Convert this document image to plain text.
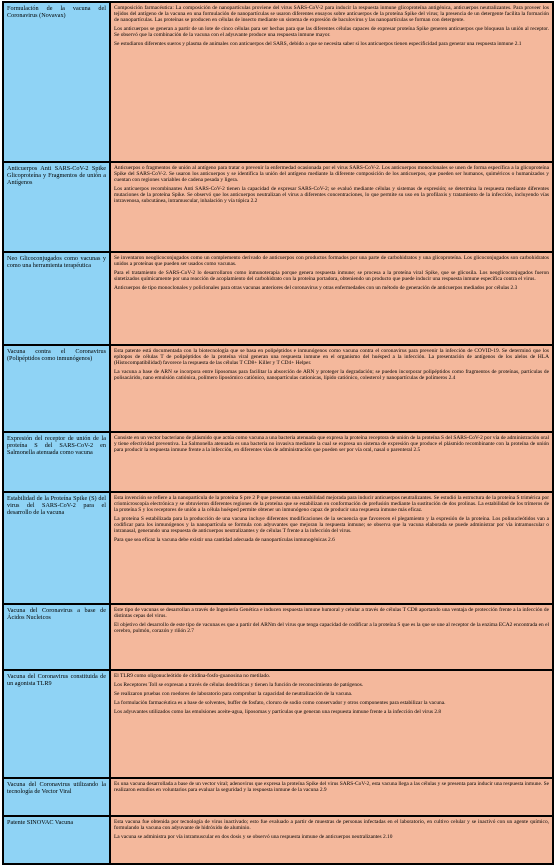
Formulación de la vacuna del Coronavirus (Novavax)

Composición farmacéutica: La composición de nanopartículas proviene del virus SARS-CoV-2 para inducir la respuesta inmune glicoproteína antigénica, anticuerpos neutralizantes. Para proveer los tejidos del antígeno de la vacuna en una formulación de nanopartículas se usaron diferentes ensayos sobre anticuerpos de la proteína Spike del virus; la presencia de un detergente facilita la formación de nanopartículas. Las proteínas se producen en células de insecto mediante un sistema de expresión de baculovirus y las nanopartículas se forman con detergente.

Los anticuerpos se generan a partir de un lote de cinco células para ser hechas para que las diferentes células capaces de expresar proteína Spike generen anticuerpos que bloquean la unión al receptor. Se observó que la combinación de la vacuna con el adyuvante produce una respuesta inmune mayor.

Se estudiaron diferentes sueros y plasma de animales con anticuerpos del SARS, debido a que se necesita saber si los anticuerpos tienen especificidad para generar una respuesta inmune 2.1

Anticuerpos Anti SARS-CoV-2 Spike Glicoproteína y Fragmentos de unión a Antígenos

Anticuerpos o fragmentos de unión al antígeno para tratar o prevenir la enfermedad ocasionada por el virus SARS-CoV-2. Los anticuerpos monoclonales se unen de forma específica a la glicoproteína Spike del SARS-CoV-2. Se usaron los anticuerpos y se identifica la unión del antígeno mediante la diferente composición de los anticuerpos, que pueden ser humanos, quiméricos o humanizados y cuentan con regiones variables de cadena pesada y ligera.

Los anticuerpos recombinantes Anti SARS-CoV-2 tienen la capacidad de expresar SARS-CoV-2; se evaluó mediante células y sistemas de expresión; se determina la respuesta mediante diferentes mutaciones de la proteína Spike. Se observó que los anticuerpos neutralizan el virus a diferentes concentraciones, lo que permite su uso en la profilaxis y tratamiento de la infección, incluyendo vías intravenosa, subcutánea, intramuscular, inhalación y vía tópica 2.2

Neo Glicoconjugados como vacunas y como una herramienta terapéutica

Se inventaron neoglicoconjugados como un complemento derivado de anticuerpos con productos formados por una parte de carbohidratos y una glicoproteína. Los glicoconjugados son carbohidratos unidos a proteínas que pueden ser usados como vacunas.

Para el tratamiento de SARS-CoV-2 lo desarrollaron como inmunoterapia porque genera respuesta inmune; se procesa a la proteína viral Spike, que se glicosila. Los neoglicoconjugados fueron sintetizados químicamente por una reacción de acoplamiento del carbohidrato con la proteína portadora, obteniendo un producto que puede inducir una respuesta inmune específica contra el virus.

Anticuerpos de tipo monoclonales y policlonales para otras vacunas anteriores del coronavirus y otras enfermedades con un método de generación de anticuerpos mediados por células 2.3

Vacuna contra el Coronavirus (Polipéptidos como inmunógenos)

Esta patente está documentada con la biotecnología que se basa en polipéptidos e inmunógenos como vacuna contra el coronavirus para prevenir la infección de COVID-19. Se determinó que los epítopos de células T de polipéptidos de la proteína viral generan una respuesta inmune en el organismo del huésped a la infección. La presentación de antígenos de los alelos de HLA (Histocompatibilidad) favorece la respuesta de las células T CD8+ Killer y T CD4+ Helper.

La vacuna a base de ARN se incorpora entre liposomas para facilitar la absorción de ARN y proteger la degradación; se pueden incorporar polipéptidos como fragmentos de proteínas, partículas de polisacárido, nano emulsión catiónica, polímero liposómico catiónico, nanopartículas cationicas, lípido catiónico, colesterol y nanopartículas de polímeros 2.4

Expresión del receptor de unión de la proteína S del SARS-CoV-2 en Salmonella atenuada como vacuna

Consiste en un vector bacteriano de plásmido que actúa como vacuna a una bacteria atenuada que expresa la proteína receptora de unión de la proteína S del SARS-CoV-2 por vía de administración oral y tiene efectividad preventiva. La Salmonella atenuada es una bacteria no invasiva mediante la cual se expresa un sistema de expresión que produce el plásmido recombinante con la proteína de unión para producir la respuesta inmune frente a la infección, en diferentes vías de administración que pueden ser por vía oral, nasal o parenteral 2.5

Estabilidad de la Proteína Spike (S) del virus del SARS-CoV-2 para el desarrollo de la vacuna

Esta invención se refiere a la nanopartícula de la proteína S pre 2 P que presentan una estabilidad mejorada para inducir anticuerpos neutralizantes. Se estudió la estructura de la proteína S trimérica por criomicroscopía electrónica y se obtuvieron diferentes regiones de la proteína que se estabilizan en conformación de prefusión mediante la sustitución de dos prolinas. La estabilidad de los trímeros de la proteína S y los receptores de unión a la célula huésped permite obtener un inmunógeno capaz de producir una respuesta inmune más eficaz.

La proteína S estabilizada para la producción de una vacuna incluye diferentes modificaciones de la secuencia que favorecen el plegamiento y la expresión de la proteína. Los polinucleótidos van a codificar para los inmunógenos y la nanopartícula se formula con adyuvantes que mejoran la respuesta inmune; se observa que la vacuna elaborada se puede administrar por vía intramuscular o intranasal, generando una respuesta de anticuerpos neutralizantes y de células T frente a la infección del virus.

Para que sea eficaz la vacuna debe existir una cantidad adecuada de nanopartículas inmunogénicas 2.6

Vacuna del Coronavirus a base de Ácidos Nucleicos

Este tipo de vacunas se desarrollan a través de Ingeniería Genética e inducen respuesta inmune humoral y celular a través de células T CD8 aportando una ventaja de protección frente a la infección de distintas cepas del virus.

El objetivo del desarrollo de este tipo de vacunas es que a partir del ARNm del virus que tenga capacidad de codificar a la proteína S que es la que se une al receptor de la enzima ECA2 encontrada en el cerebro, pulmón, corazón y riñón 2.7

Vacuna del Coronavirus constituida de un agonista TLR9

El TLR9 como oligonucleótido de citidina-fosfo-guanosina no metilado.

Los Receptores Toll se expresan a través de células dendríticas y tienen la función de reconocimiento de patógenos.

Se realizaron pruebas con roedores de laboratorio para comprobar la capacidad de neutralización de la vacuna.

La formulación farmacéutica es a base de solventes, buffer de fosfato, cloruro de sodio como conservador y otros componentes para estabilizar la vacuna.

Los adyuvantes utilizados como las emulsiones aceite-agua, liposomas y partículas que generan una respuesta inmune frente a la infección del virus 2.8

Vacuna del Coronavirus utilizando la tecnología de Vector Viral

Es una vacuna desarrollada a base de un vector viral; adenovirus que expresa la proteína Spike del virus SARS-CoV-2, esta vacuna llega a las células y se presenta para inducir una respuesta inmune. Se realizaron estudios en voluntarios para evaluar la seguridad y la respuesta inmune de la vacuna 2.9

Patente SINOVAC Vacuna	Esta vacuna fue obtenida por tecnología de virus inactivado; esto fue evaluado a partir de muestras de personas infectadas en el laboratorio, en cultivo celular y se inactivó con un agente químico, formulando la vacuna con adyuvante de hidróxido de aluminio.

La vacuna se administra por vía intramuscular en dos dosis y se observó una respuesta inmune de anticuerpos neutralizantes 2.10
